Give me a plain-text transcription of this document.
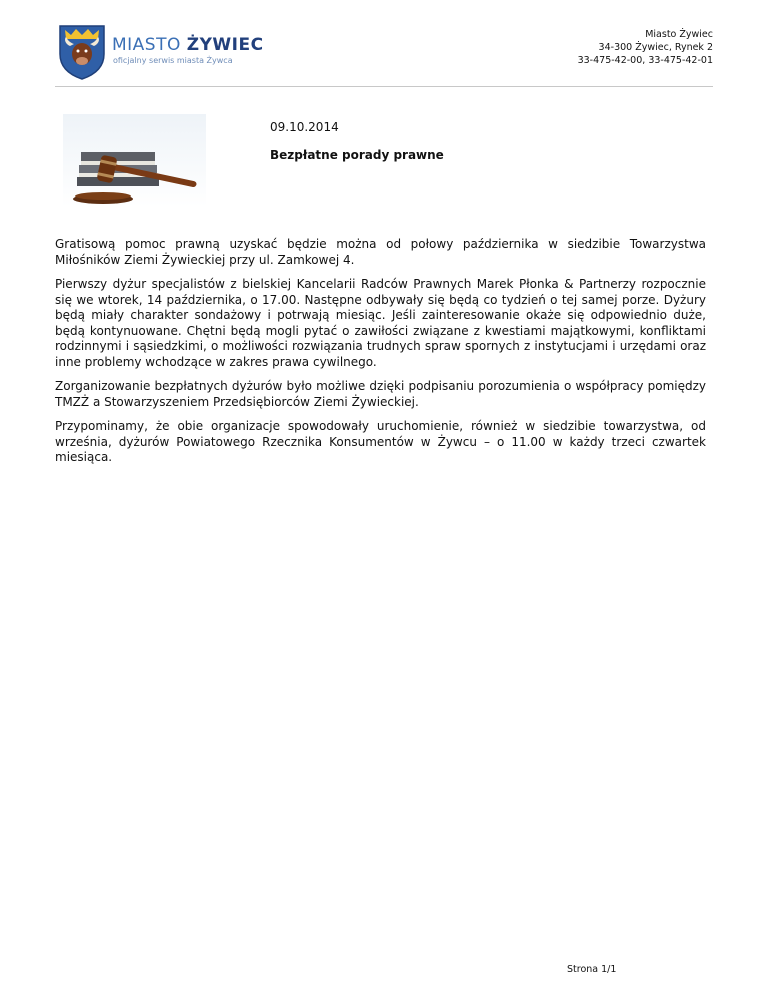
MIASTO ŻYWIEC
oficjalny serwis miasta Żywca
Miasto Żywiec
34-300 Żywiec, Rynek 2
33-475-42-00, 33-475-42-01
09.10.2014
Bezpłatne porady prawne

Gratisową pomoc prawną uzyskać będzie można od połowy października w siedzibie Towarzystwa Miłośników Ziemi Żywieckiej przy ul. Zamkowej 4.

Pierwszy dyżur specjalistów z bielskiej Kancelarii Radców Prawnych Marek Płonka & Partnerzy rozpocznie się we wtorek, 14 października, o 17.00. Następne odbywały się będą co tydzień o tej samej porze. Dyżury będą miały charakter sondażowy i potrwają miesiąc. Jeśli zainteresowanie okaże się odpowiednio duże, będą kontynuowane. Chętni będą mogli pytać o zawiłości związane z kwestiami majątkowymi, konfliktami rodzinnymi i sąsiedzkimi, o możliwości rozwiązania trudnych spraw spornych z instytucjami i urzędami oraz inne problemy wchodzące w zakres prawa cywilnego.

Zorganizowanie bezpłatnych dyżurów było możliwe dzięki podpisaniu porozumienia o współpracy pomiędzy TMZŻ a Stowarzyszeniem Przedsiębiorców Ziemi Żywieckiej.

Przypominamy, że obie organizacje spowodowały uruchomienie, również w siedzibie towarzystwa, od września, dyżurów Powiatowego Rzecznika Konsumentów w Żywcu – o 11.00 w każdy trzeci czwartek miesiąca.

Strona 1/1
